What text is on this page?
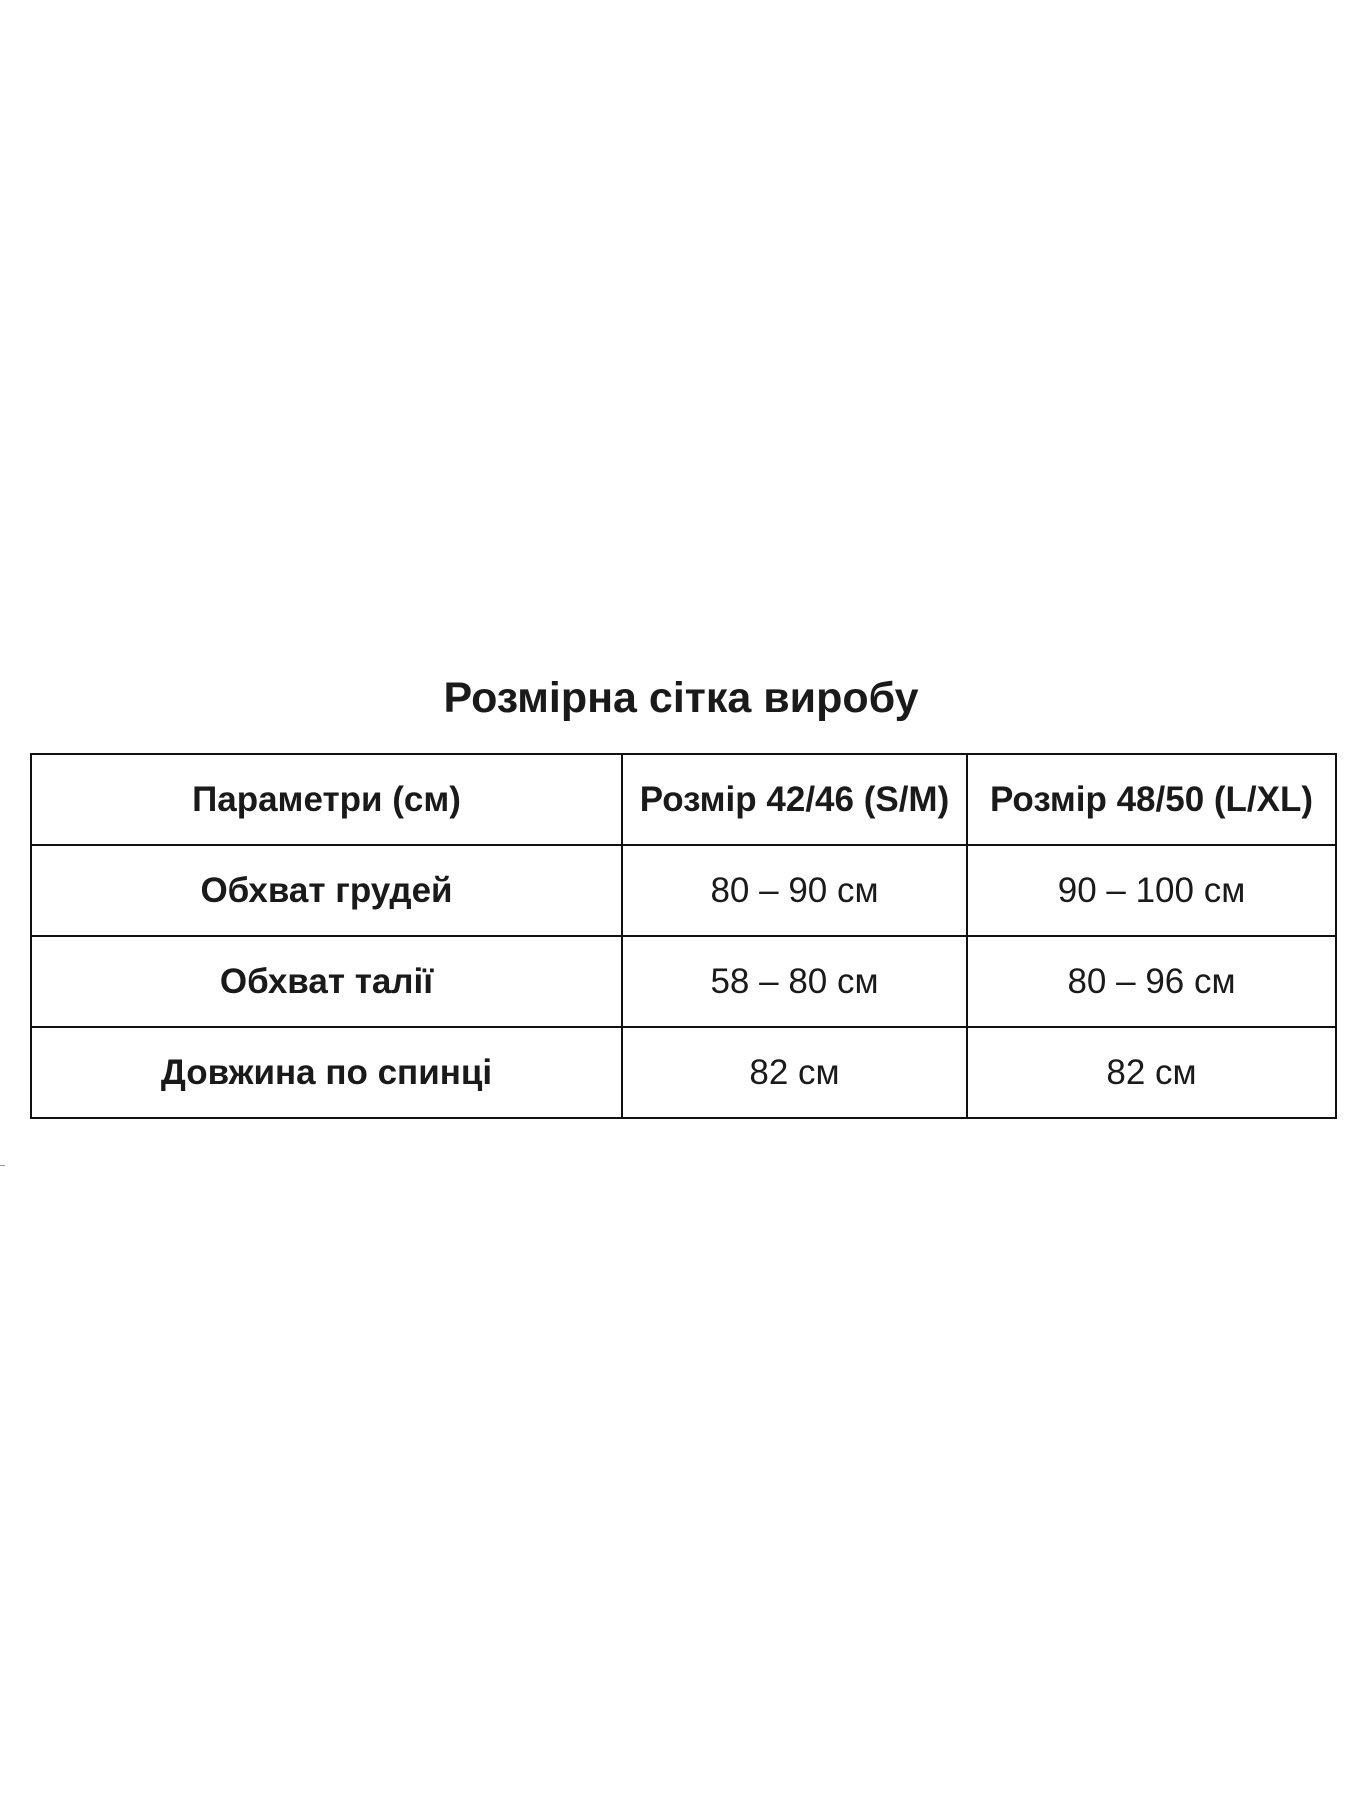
Розмірна сітка виробу
Параметри (см)	Розмір 42/46 (S/M)	Розмір 48/50 (L/XL)
Обхват грудей	80 – 90 см	90 – 100 см
Обхват талії	58 – 80 см	80 – 96 см
Довжина по спинці	82 см	82 см
